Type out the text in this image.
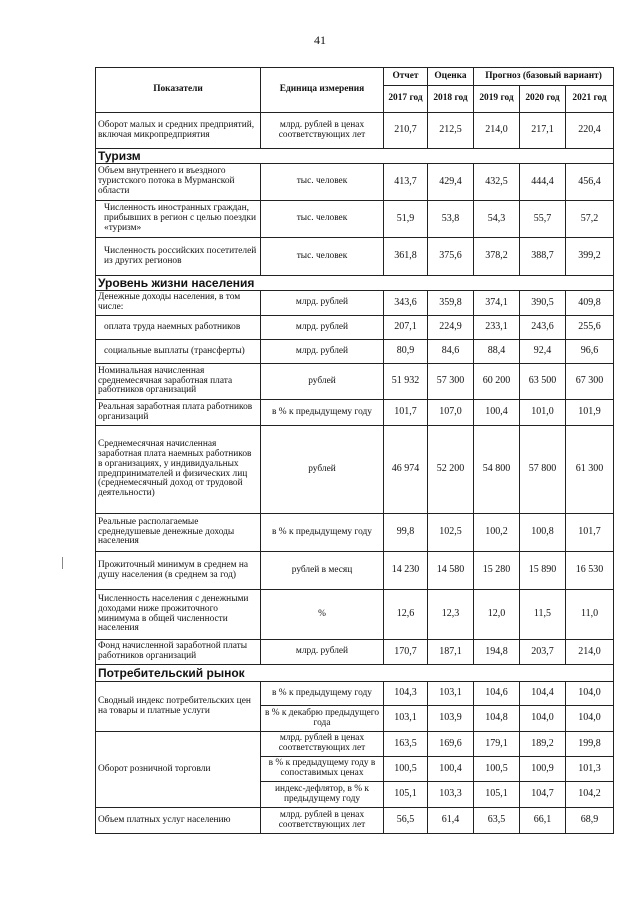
41
Показатели	Единица измерения	Отчет	Оценка	Прогноз (базовый вариант)		
		2017 год	2018 год	2019 год	2020 год	2021 год
Оборот малых и средних предприятий, включая микропредприятия	млрд. рублей в ценах соответствующих лет	210,7	212,5	214,0	217,1	220,4
Туризм						
Объем внутреннего и въездного туристского потока в Мурманской области	тыс. человек	413,7	429,4	432,5	444,4	456,4
Численность иностранных граждан, прибывших в регион с целью поездки «туризм»	тыс. человек	51,9	53,8	54,3	55,7	57,2
Численность российских посетителей из других регионов	тыс. человек	361,8	375,6	378,2	388,7	399,2
Уровень жизни населения						
Денежные доходы населения, в том числе:	млрд. рублей	343,6	359,8	374,1	390,5	409,8
оплата труда наемных работников	млрд. рублей	207,1	224,9	233,1	243,6	255,6
социальные выплаты (трансферты)	млрд. рублей	80,9	84,6	88,4	92,4	96,6
Номинальная начисленная среднемесячная заработная плата работников организаций	рублей	51 932	57 300	60 200	63 500	67 300
Реальная заработная плата работников организаций	в % к предыдущему году	101,7	107,0	100,4	101,0	101,9
Среднемесячная начисленная заработная плата наемных работников в организациях, у индивидуальных предпринимателей и физических лиц (среднемесячный доход от трудовой деятельности)	рублей	46 974	52 200	54 800	57 800	61 300
Реальные располагаемые среднедушевые денежные доходы населения	в % к предыдущему году	99,8	102,5	100,2	100,8	101,7
Прожиточный минимум в среднем на душу населения (в среднем за год)	рублей в месяц	14 230	14 580	15 280	15 890	16 530
Численность населения с денежными доходами ниже прожиточного минимума в общей численности населения	%	12,6	12,3	12,0	11,5	11,0
Фонд начисленной заработной платы работников организаций	млрд. рублей	170,7	187,1	194,8	203,7	214,0
Потребительский рынок						
Сводный индекс потребительских цен на товары и платные услуги	в % к предыдущему году	104,3	103,1	104,6	104,4	104,0
	в % к декабрю предыдущего года	103,1	103,9	104,8	104,0	104,0
Оборот розничной торговли	млрд. рублей в ценах соответствующих лет	163,5	169,6	179,1	189,2	199,8
	в % к предыдущему году в сопоставимых ценах	100,5	100,4	100,5	100,9	101,3
	индекс-дефлятор, в % к предыдущему году	105,1	103,3	105,1	104,7	104,2
Объем платных услуг населению	млрд. рублей в ценах соответствующих лет	56,5	61,4	63,5	66,1	68,9
